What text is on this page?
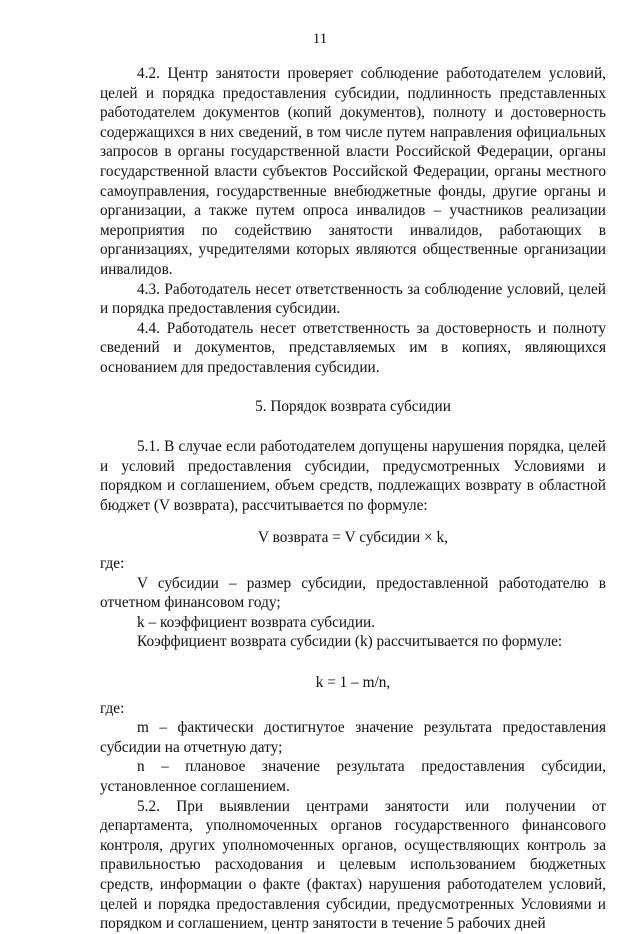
11

4.2. Центр занятости проверяет соблюдение работодателем условий, целей и порядка предоставления субсидии, подлинность представленных работодателем документов (копий документов), полноту и достоверность содержащихся в них сведений, в том числе путем направления официальных запросов в органы государственной власти Российской Федерации, органы государственной власти субъектов Российской Федерации, органы местного самоуправления, государственные внебюджетные фонды, другие органы и организации, а также путем опроса инвалидов – участников реализации мероприятия по содействию занятости инвалидов, работающих в организациях, учредителями которых являются общественные организации инвалидов.

4.3. Работодатель несет ответственность за соблюдение условий, целей и порядка предоставления субсидии.

4.4. Работодатель несет ответственность за достоверность и полноту сведений и документов, представляемых им в копиях, являющихся основанием для предоставления субсидии.

5. Порядок возврата субсидии

5.1. В случае если работодателем допущены нарушения порядка, целей и условий предоставления субсидии, предусмотренных Условиями и порядком и соглашением, объем средств, подлежащих возврату в областной бюджет (V возврата), рассчитывается по формуле:

V возврата = V субсидии × k,

где:

V субсидии – размер субсидии, предоставленной работодателю в отчетном финансовом году;

k – коэффициент возврата субсидии.

Коэффициент возврата субсидии (k) рассчитывается по формуле:

k = 1 – m/n,

где:

m – фактически достигнутое значение результата предоставления субсидии на отчетную дату;

n – плановое значение результата предоставления субсидии, установленное соглашением.

5.2. При выявлении центрами занятости или получении от департамента, уполномоченных органов государственного финансового контроля, других уполномоченных органов, осуществляющих контроль за правильностью расходования и целевым использованием бюджетных средств, информации о факте (фактах) нарушения работодателем условий, целей и порядка предоставления субсидии, предусмотренных Условиями и порядком и соглашением, центр занятости в течение 5 рабочих дней
